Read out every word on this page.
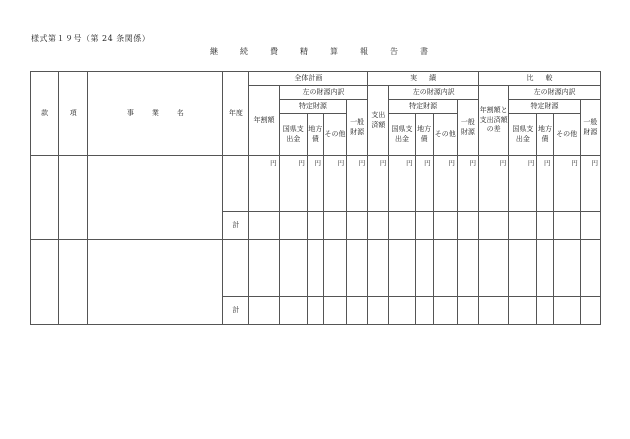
様式第１９号（第 24 条関係）
継続費精算報告書
款	項	事業名	年度	全体計画					実績					比較				
				年割額	左の財源内訳				支出済額	左の財源内訳				年割額と支出済額の差	左の財源内訳			
					特定財源			一般財源		特定財源			一般財源		特定財源			一般財源
					国県支出金	地方債	その他			国県支出金	地方債	その他			国県支出金	地方債	その他	

				円	円	円	円	円	円	円	円	円	円	円	円	円	円	円
			計															

			計															
